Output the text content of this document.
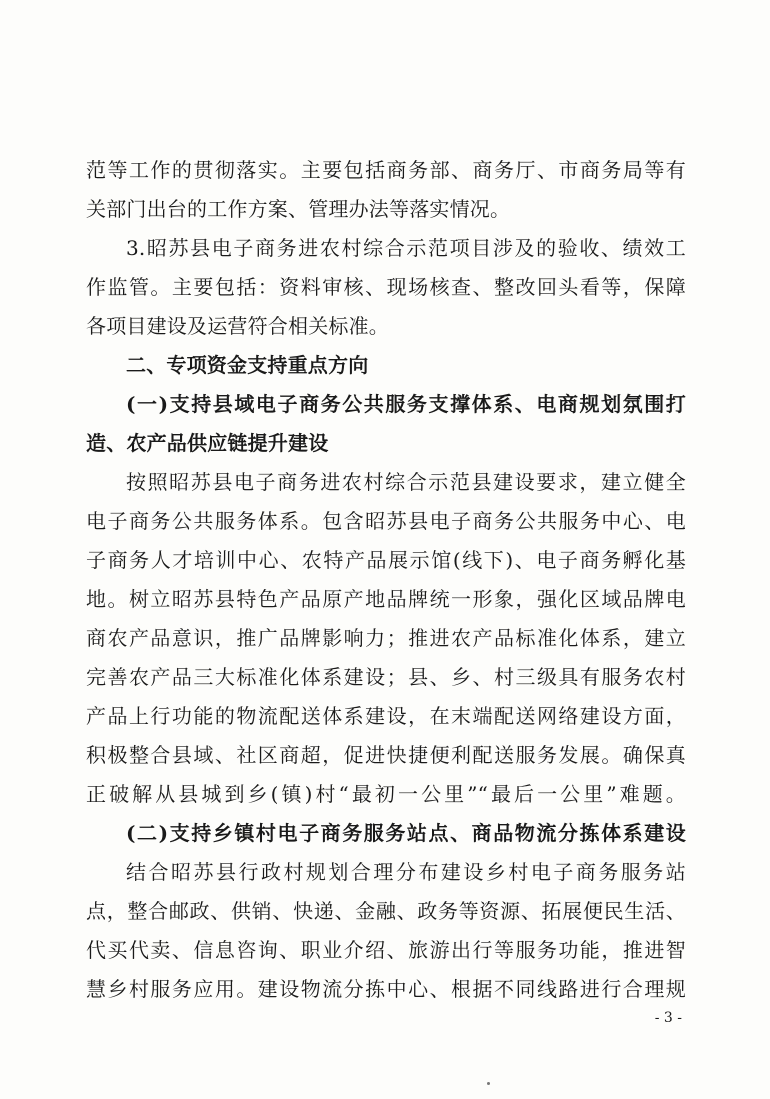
范等工作的贯彻落实。主要包括商务部、商务厅、市商务局等有
关部门出台的工作方案、管理办法等落实情况。
3.昭苏县电子商务进农村综合示范项目涉及的验收、绩效工
作监管。主要包括：资料审核、现场核查、整改回头看等，保障
各项目建设及运营符合相关标准。
二、专项资金支持重点方向
(一)支持县域电子商务公共服务支撑体系、电商规划氛围打
造、农产品供应链提升建设
按照昭苏县电子商务进农村综合示范县建设要求，建立健全
电子商务公共服务体系。包含昭苏县电子商务公共服务中心、电
子商务人才培训中心、农特产品展示馆(线下)、电子商务孵化基
地。树立昭苏县特色产品原产地品牌统一形象，强化区域品牌电
商农产品意识，推广品牌影响力；推进农产品标准化体系，建立
完善农产品三大标准化体系建设；县、乡、村三级具有服务农村
产品上行功能的物流配送体系建设，在末端配送网络建设方面，
积极整合县域、社区商超，促进快捷便利配送服务发展。确保真
正破解从县城到乡(镇)村“最初一公里”“最后一公里”难题。
(二)支持乡镇村电子商务服务站点、商品物流分拣体系建设
结合昭苏县行政村规划合理分布建设乡村电子商务服务站
点，整合邮政、供销、快递、金融、政务等资源、拓展便民生活、
代买代卖、信息咨询、职业介绍、旅游出行等服务功能，推进智
慧乡村服务应用。建设物流分拣中心、根据不同线路进行合理规
- 3 -
